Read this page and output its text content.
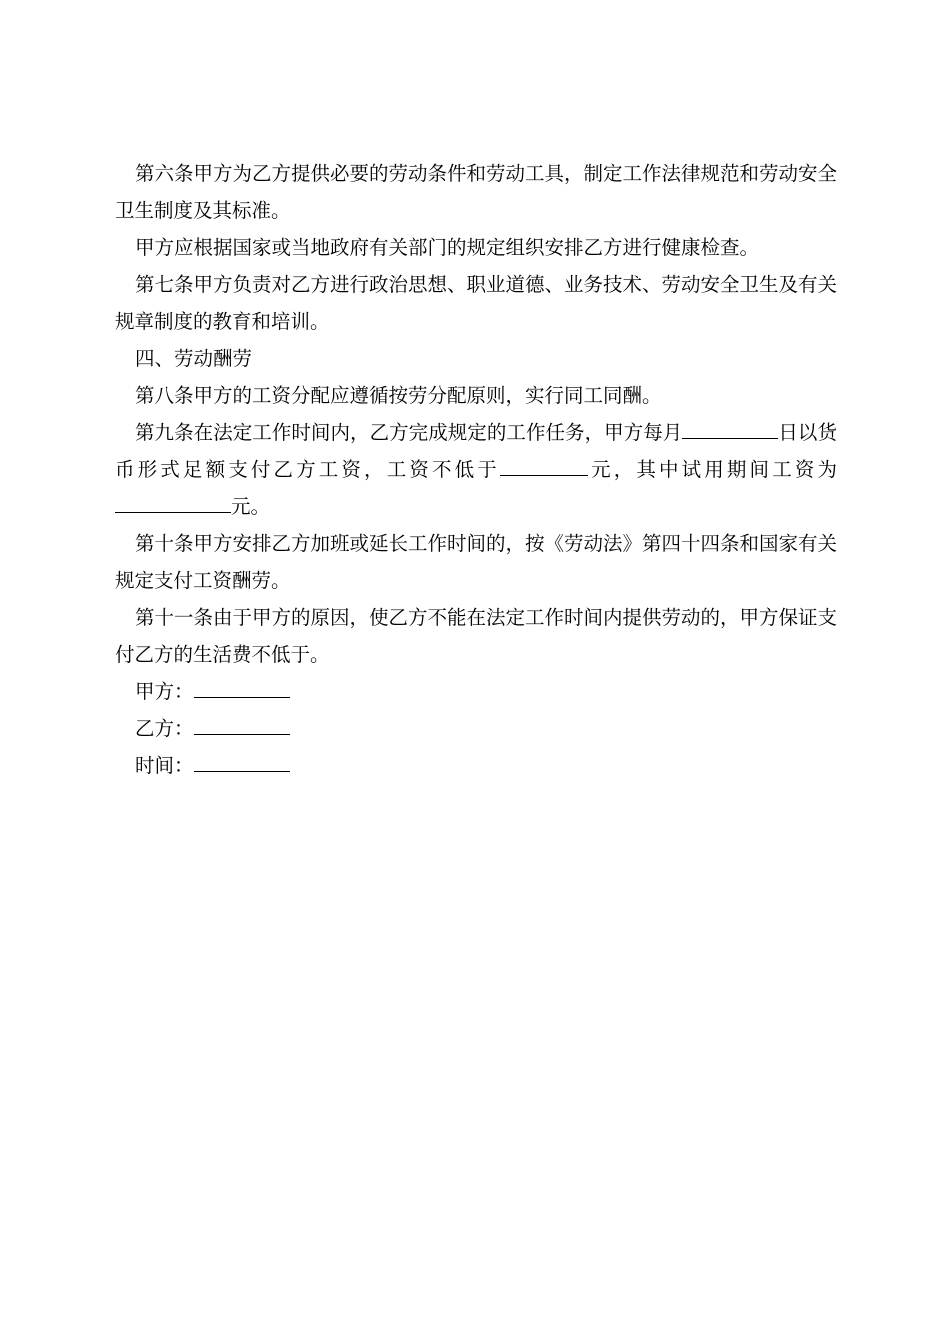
第六条甲方为乙方提供必要的劳动条件和劳动工具，制定工作法律规范和劳动安全卫生制度及其标准。

甲方应根据国家或当地政府有关部门的规定组织安排乙方进行健康检查。

第七条甲方负责对乙方进行政治思想、职业道德、业务技术、劳动安全卫生及有关规章制度的教育和培训。

四、劳动酬劳

第八条甲方的工资分配应遵循按劳分配原则，实行同工同酬。

第九条在法定工作时间内，乙方完成规定的工作任务，甲方每月	日以货币形式足额支付乙方工资，工资不低于	元，其中试用期间工资为元。

第十条甲方安排乙方加班或延长工作时间的，按《劳动法》第四十四条和国家有关规定支付工资酬劳。

第十一条由于甲方的原因，使乙方不能在法定工作时间内提供劳动的，甲方保证支付乙方的生活费不低于。

甲方：

乙方：

时间：
